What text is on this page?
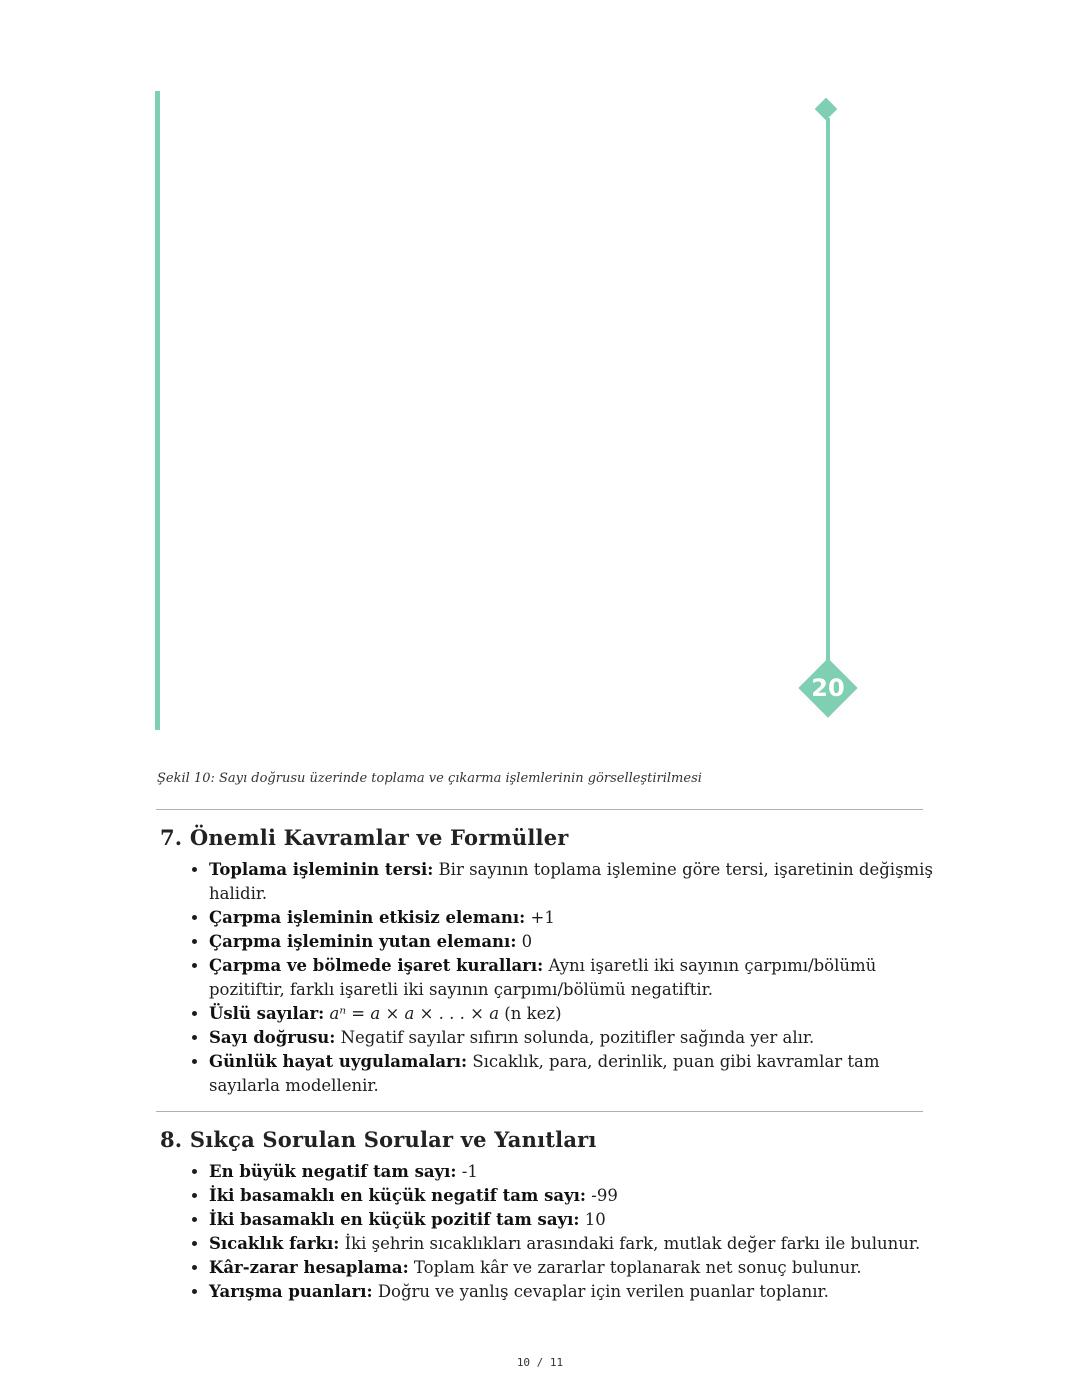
20
Şekil 10: Sayı doğrusu üzerinde toplama ve çıkarma işlemlerinin görselleştirilmesi
7. Önemli Kavramlar ve Formüller
• Toplama işleminin tersi: Bir sayının toplama işlemine göre tersi, işaretinin değişmiş halidir.
• Çarpma işleminin etkisiz elemanı: +1
• Çarpma işleminin yutan elemanı: 0
• Çarpma ve bölmede işaret kuralları: Aynı işaretli iki sayının çarpımı/bölümü pozitiftir, farklı işaretli iki sayının çarpımı/bölümü negatiftir.
• Üslü sayılar: aⁿ = a × a × . . . × a (n kez)
• Sayı doğrusu: Negatif sayılar sıfırın solunda, pozitifler sağında yer alır.
• Günlük hayat uygulamaları: Sıcaklık, para, derinlik, puan gibi kavramlar tam sayılarla modellenir.
8. Sıkça Sorulan Sorular ve Yanıtları
• En büyük negatif tam sayı: -1
• İki basamaklı en küçük negatif tam sayı: -99
• İki basamaklı en küçük pozitif tam sayı: 10
• Sıcaklık farkı: İki şehrin sıcaklıkları arasındaki fark, mutlak değer farkı ile bulunur.
• Kâr-zarar hesaplama: Toplam kâr ve zararlar toplanarak net sonuç bulunur.
• Yarışma puanları: Doğru ve yanlış cevaplar için verilen puanlar toplanır.
10 / 11
